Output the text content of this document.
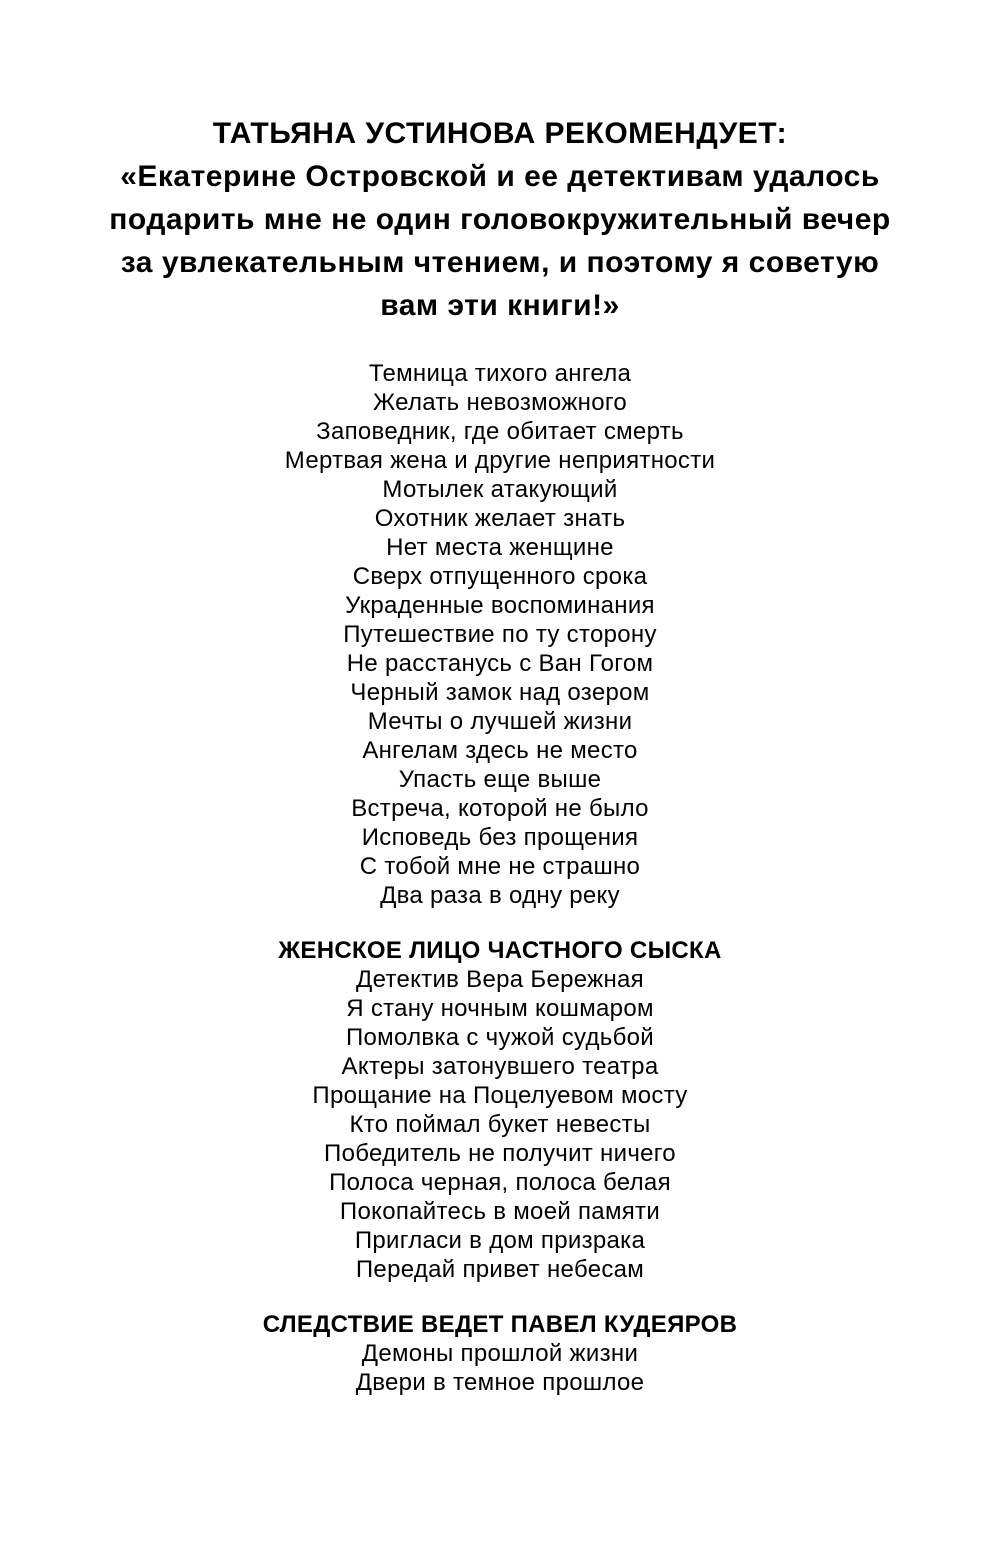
ТАТЬЯНА УСТИНОВА РЕКОМЕНДУЕТ:
«Екатерине Островской и ее детективам удалось
подарить мне не один головокружительный вечер
за увлекательным чтением, и поэтому я советую
вам эти книги!»
Темница тихого ангела
Желать невозможного
Заповедник, где обитает смерть
Мертвая жена и другие неприятности
Мотылек атакующий
Охотник желает знать
Нет места женщине
Сверх отпущенного срока
Украденные воспоминания
Путешествие по ту сторону
Не расстанусь с Ван Гогом
Черный замок над озером
Мечты о лучшей жизни
Ангелам здесь не место
Упасть еще выше
Встреча, которой не было
Исповедь без прощения
С тобой мне не страшно
Два раза в одну реку
ЖЕНСКОЕ ЛИЦО ЧАСТНОГО СЫСКА
Детектив Вера Бережная
Я стану ночным кошмаром
Помолвка с чужой судьбой
Актеры затонувшего театра
Прощание на Поцелуевом мосту
Кто поймал букет невесты
Победитель не получит ничего
Полоса черная, полоса белая
Покопайтесь в моей памяти
Пригласи в дом призрака
Передай привет небесам
СЛЕДСТВИЕ ВЕДЕТ ПАВЕЛ КУДЕЯРОВ
Демоны прошлой жизни
Двери в темное прошлое
